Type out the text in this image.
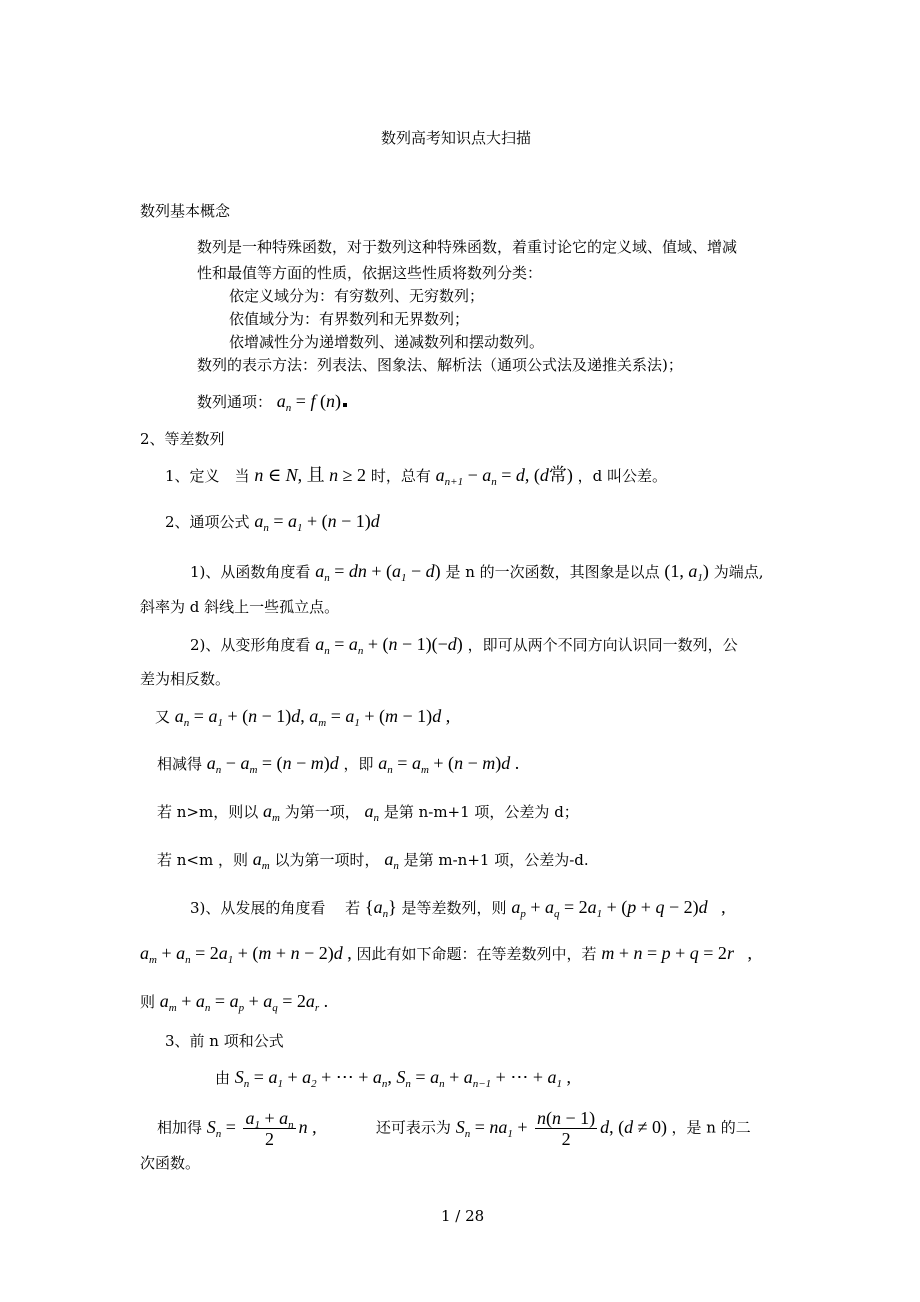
数列高考知识点大扫描
数列基本概念
数列是一种特殊函数，对于数列这种特殊函数，着重讨论它的定义域、值域、增减
性和最值等方面的性质，依据这些性质将数列分类：
依定义域分为：有穷数列、无穷数列；
依值域分为：有界数列和无界数列；
依增减性分为递增数列、递减数列和摆动数列。
数列的表示方法：列表法、图象法、解析法（通项公式法及递推关系法)；
数列通项： $a_n = f$ (n)
2、等差数列
1、定义　当 n ∈ N, 且 n ≥ 2 时，总有 $a_{n+1} - a_n = d$, (d常) ，d 叫公差。
2、通项公式 $a_n = a_1 + (n - 1)d$
1)、从函数角度看 $a_n$ = dn + $(a_1 - d)$ 是 n 的一次函数，其图象是以点 (1, $a_1$) 为端点,
斜率为 d 斜线上一些孤立点。
2)、从变形角度看 $a_n = a_n + (n - 1)(-d)$ ，即可从两个不同方向认识同一数列，公
差为相反数。
又 $a_n = a_1 + (n - 1)d$, $a_m = a_1 + (m - 1)d$ ,
相减得 $a_n - a_m = (n - m)d$ ，即 $a_n = a_m + (n - m)d$ .
若 n>m，则以 $a_m$ 为第一项， $a_n$ 是第 n-m+1 项，公差为 d；
若 n<m ，则 $a_m$ 以为第一项时， $a_n$ 是第 m-n+1 项，公差为-d.
3)、从发展的角度看　 若 $\{a_n\}$ 是等差数列，则 $a_p + a_q = 2a_1 + (p + q - 2)d$   ,
$a_m + a_n = 2a_1 + (m + n - 2)d$ , 因此有如下命题：在等差数列中，若 m + n = p + q = 2r   ,
则 $a_m + a_n = a_p + a_q = 2a_r$ .
3、前 n 项和公式
由 $S_n = a_1 + a_2$ + ⋯ + $a_n$, $S_n = a_n + a_{n-1}$ + ⋯ + $a_1$ ,
相加得 $S_n = \frac{a_1 + a_n}{2}$ n ,	还可表示为 $S_n = na_1 + \frac{n(n - 1)}{2} d$, (d ≠ 0) ，是 n 的二
次函数。
1 / 28
